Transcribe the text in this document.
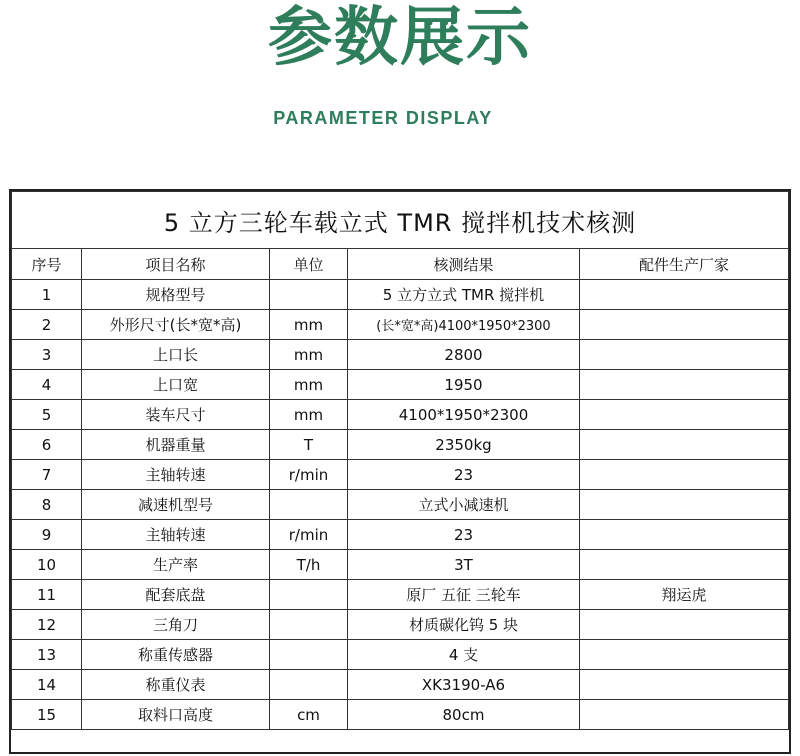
参数展示
PARAMETER DISPLAY
5 立方三轮车载立式 TMR 搅拌机技术核测				
序号	项目名称	单位	核测结果	配件生产厂家
1	规格型号		5 立方立式 TMR 搅拌机	
2	外形尺寸(长*宽*高)	mm	(长*宽*高)4100*1950*2300	
3	上口长	mm	2800	
4	上口宽	mm	1950	
5	装车尺寸	mm	4100*1950*2300	
6	机器重量	T	2350kg	
7	主轴转速	r/min	23	
8	减速机型号		立式小减速机	
9	主轴转速	r/min	23	
10	生产率	T/h	3T	
11	配套底盘		原厂 五征 三轮车	翔运虎
12	三角刀		材质碳化钨 5 块	
13	称重传感器		4 支	
14	称重仪表		XK3190-A6	
15	取料口高度	cm	80cm	
